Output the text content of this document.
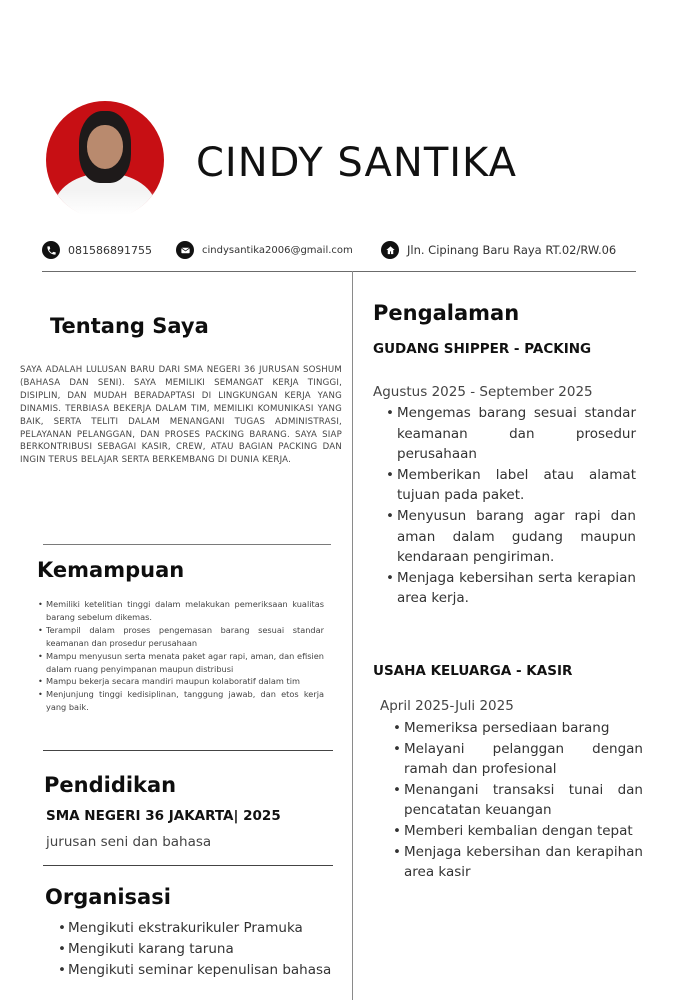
CINDY SANTIKA
081586891755	cindysantika2006@gmail.com	Jln. Cipinang Baru Raya RT.02/RW.06
Tentang Saya
SAYA ADALAH LULUSAN BARU DARI SMA NEGERI 36 JURUSAN SOSHUM (BAHASA DAN SENI). SAYA MEMILIKI SEMANGAT KERJA TINGGI, DISIPLIN, DAN MUDAH BERADAPTASI DI LINGKUNGAN KERJA YANG DINAMIS. TERBIASA BEKERJA DALAM TIM, MEMILIKI KOMUNIKASI YANG BAIK, SERTA TELITI DALAM MENANGANI TUGAS ADMINISTRASI, PELAYANAN PELANGGAN, DAN PROSES PACKING BARANG. SAYA SIAP BERKONTRIBUSI SEBAGAI KASIR, CREW, ATAU BAGIAN PACKING DAN INGIN TERUS BELAJAR SERTA BERKEMBANG DI DUNIA KERJA.
Kemampuan
• Memiliki ketelitian tinggi dalam melakukan pemeriksaan kualitas barang sebelum dikemas.
• Terampil dalam proses pengemasan barang sesuai standar keamanan dan prosedur perusahaan
• Mampu menyusun serta menata paket agar rapi, aman, dan efisien dalam ruang penyimpanan maupun distribusi
• Mampu bekerja secara mandiri maupun kolaboratif dalam tim
• Menjunjung tinggi kedisiplinan, tanggung jawab, dan etos kerja yang baik.
Pendidikan
SMA NEGERI 36 JAKARTA| 2025
jurusan seni dan bahasa
Organisasi
• Mengikuti ekstrakurikuler Pramuka
• Mengikuti karang taruna
• Mengikuti seminar kepenulisan bahasa
Pengalaman
GUDANG SHIPPER - PACKING
Agustus 2025 - September 2025
• Mengemas barang sesuai standar keamanan dan prosedur perusahaan
• Memberikan label atau alamat tujuan pada paket.
• Menyusun barang agar rapi dan aman dalam gudang maupun kendaraan pengiriman.
• Menjaga kebersihan serta kerapian area kerja.
USAHA KELUARGA - KASIR
April 2025-Juli 2025
• Memeriksa persediaan barang
• Melayani pelanggan dengan ramah dan profesional
• Menangani transaksi tunai dan pencatatan keuangan
• Memberi kembalian dengan tepat
• Menjaga kebersihan dan kerapihan area kasir
